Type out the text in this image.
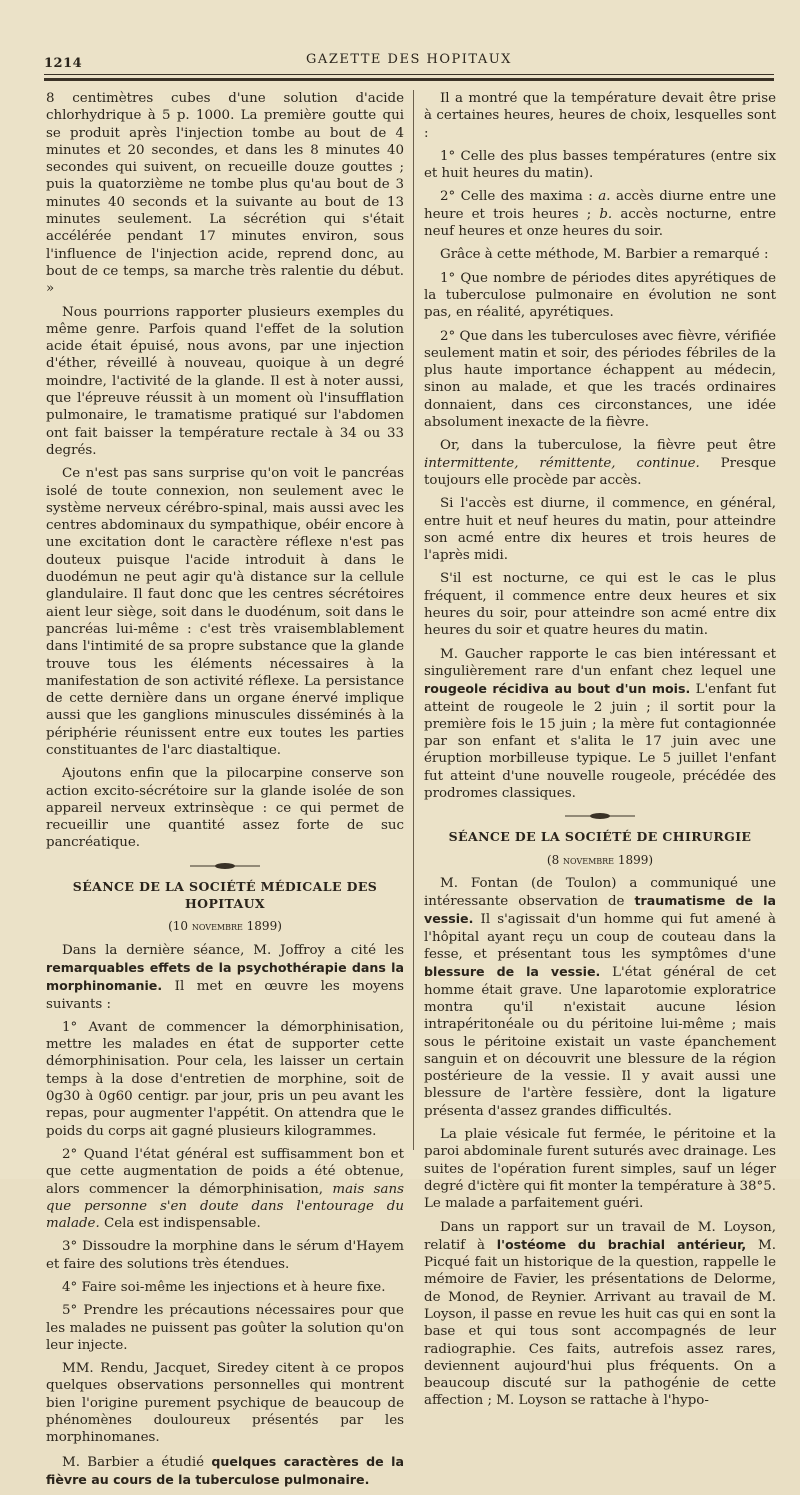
1214	GAZETTE DES HOPITAUX

8 centimètres cubes d'une solution d'acide chlorhydrique à 5 p. 1000. La première goutte qui se produit après l'injection tombe au bout de 4 minutes et 20 secondes, et dans les 8 minutes 40 secondes qui suivent, on recueille douze gouttes ; puis la quatorzième ne tombe plus qu'au bout de 3 minutes 40 seconds et la suivante au bout de 13 minutes seulement. La sécrétion qui s'était accélérée pendant 17 minutes environ, sous l'influence de l'injection acide, reprend donc, au bout de ce temps, sa marche très ralentie du début. »

Nous pourrions rapporter plusieurs exemples du même genre. Parfois quand l'effet de la solution acide était épuisé, nous avons, par une injection d'éther, réveillé à nouveau, quoique à un degré moindre, l'activité de la glande. Il est à noter aussi, que l'épreuve réussit à un moment où l'insufflation pulmonaire, le tramatisme pratiqué sur l'abdomen ont fait baisser la température rectale à 34 ou 33 degrés.

Ce n'est pas sans surprise qu'on voit le pancréas isolé de toute connexion, non seulement avec le système nerveux cérébro-spinal, mais aussi avec les centres abdominaux du sympathique, obéir encore à une excitation dont le caractère réflexe n'est pas douteux puisque l'acide introduit à dans le duodémun ne peut agir qu'à distance sur la cellule glandulaire. Il faut donc que les centres sécrétoires aient leur siège, soit dans le duodénum, soit dans le pancréas lui-même : c'est très vraisemblablement dans l'intimité de sa propre substance que la glande trouve tous les éléments nécessaires à la manifestation de son activité réflexe. La persistance de cette dernière dans un organe énervé implique aussi que les ganglions minuscules disséminés à la périphérie réunissent entre eux toutes les parties constituantes de l'arc diastaltique.

Ajoutons enfin que la pilocarpine conserve son action excito-sécrétoire sur la glande isolée de son appareil nerveux extrinsèque : ce qui permet de recueillir une quantité assez forte de suc pancréatique.

SÉANCE DE LA SOCIÉTÉ MÉDICALE DES HOPITAUX

(10 novembre 1899)

Dans la dernière séance, M. Joffroy a cité les remarquables effets de la psychothérapie dans la morphinomanie. Il met en œuvre les moyens suivants :

1° Avant de commencer la démorphinisation, mettre les malades en état de supporter cette démorphinisation. Pour cela, les laisser un certain temps à la dose d'entretien de morphine, soit de 0g30 à 0g60 centigr. par jour, pris un peu avant les repas, pour augmenter l'appétit. On attendra que le poids du corps ait gagné plusieurs kilogrammes.

2° Quand l'état général est suffisamment bon et que cette augmentation de poids a été obtenue, alors commencer la démorphinisation, mais sans que personne s'en doute dans l'entourage du malade. Cela est indispensable.

3° Dissoudre la morphine dans le sérum d'Hayem et faire des solutions très étendues.

4° Faire soi-même les injections et à heure fixe.

5° Prendre les précautions nécessaires pour que les malades ne puissent pas goûter la solution qu'on leur injecte.

MM. Rendu, Jacquet, Siredey citent à ce propos quelques observations personnelles qui montrent bien l'origine purement psychique de beaucoup de phénomènes douloureux présentés par les morphinomanes.

M. Barbier a étudié quelques caractères de la fièvre au cours de la tuberculose pulmonaire.

Il a montré que la température devait être prise à certaines heures, heures de choix, lesquelles sont :

1° Celle des plus basses températures (entre six et huit heures du matin).

2° Celle des maxima : a. accès diurne entre une heure et trois heures ; b. accès nocturne, entre neuf heures et onze heures du soir.

Grâce à cette méthode, M. Barbier a remarqué :

1° Que nombre de périodes dites apyrétiques de la tuberculose pulmonaire en évolution ne sont pas, en réalité, apyrétiques.

2° Que dans les tuberculoses avec fièvre, vérifiée seulement matin et soir, des périodes fébriles de la plus haute importance échappent au médecin, sinon au malade, et que les tracés ordinaires donnaient, dans ces circonstances, une idée absolument inexacte de la fièvre.

Or, dans la tuberculose, la fièvre peut être intermittente, rémittente, continue. Presque toujours elle procède par accès.

Si l'accès est diurne, il commence, en général, entre huit et neuf heures du matin, pour atteindre son acmé entre dix heures et trois heures de l'après midi.

S'il est nocturne, ce qui est le cas le plus fréquent, il commence entre deux heures et six heures du soir, pour atteindre son acmé entre dix heures du soir et quatre heures du matin.

M. Gaucher rapporte le cas bien intéressant et singulièrement rare d'un enfant chez lequel une rougeole récidiva au bout d'un mois. L'enfant fut atteint de rougeole le 2 juin ; il sortit pour la première fois le 15 juin ; la mère fut contagionnée par son enfant et s'alita le 17 juin avec une éruption morbilleuse typique. Le 5 juillet l'enfant fut atteint d'une nouvelle rougeole, précédée des prodromes classiques.

SÉANCE DE LA SOCIÉTÉ DE CHIRURGIE

(8 novembre 1899)

M. Fontan (de Toulon) a communiqué une intéressante observation de traumatisme de la vessie. Il s'agissait d'un homme qui fut amené à l'hôpital ayant reçu un coup de couteau dans la fesse, et présentant tous les symptômes d'une blessure de la vessie. L'état général de cet homme était grave. Une laparotomie exploratrice montra qu'il n'existait aucune lésion intrapéritonéale ou du péritoine lui-même ; mais sous le péritoine existait un vaste épanchement sanguin et on découvrit une blessure de la région postérieure de la vessie. Il y avait aussi une blessure de l'artère fessière, dont la ligature présenta d'assez grandes difficultés.

La plaie vésicale fut fermée, le péritoine et la paroi abdominale furent suturés avec drainage. Les suites de l'opération furent simples, sauf un léger degré d'ictère qui fit monter la température à 38°5. Le malade a parfaitement guéri.

Dans un rapport sur un travail de M. Loyson, relatif à l'ostéome du brachial antérieur, M. Picqué fait un historique de la question, rappelle le mémoire de Favier, les présentations de Delorme, de Monod, de Reynier. Arrivant au travail de M. Loyson, il passe en revue les huit cas qui en sont la base et qui tous sont accompagnés de leur radiographie. Ces faits, autrefois assez rares, deviennent aujourd'hui plus fréquents. On a beaucoup discuté sur la pathogénie de cette affection ; M. Loyson se rattache à l'hypo-
